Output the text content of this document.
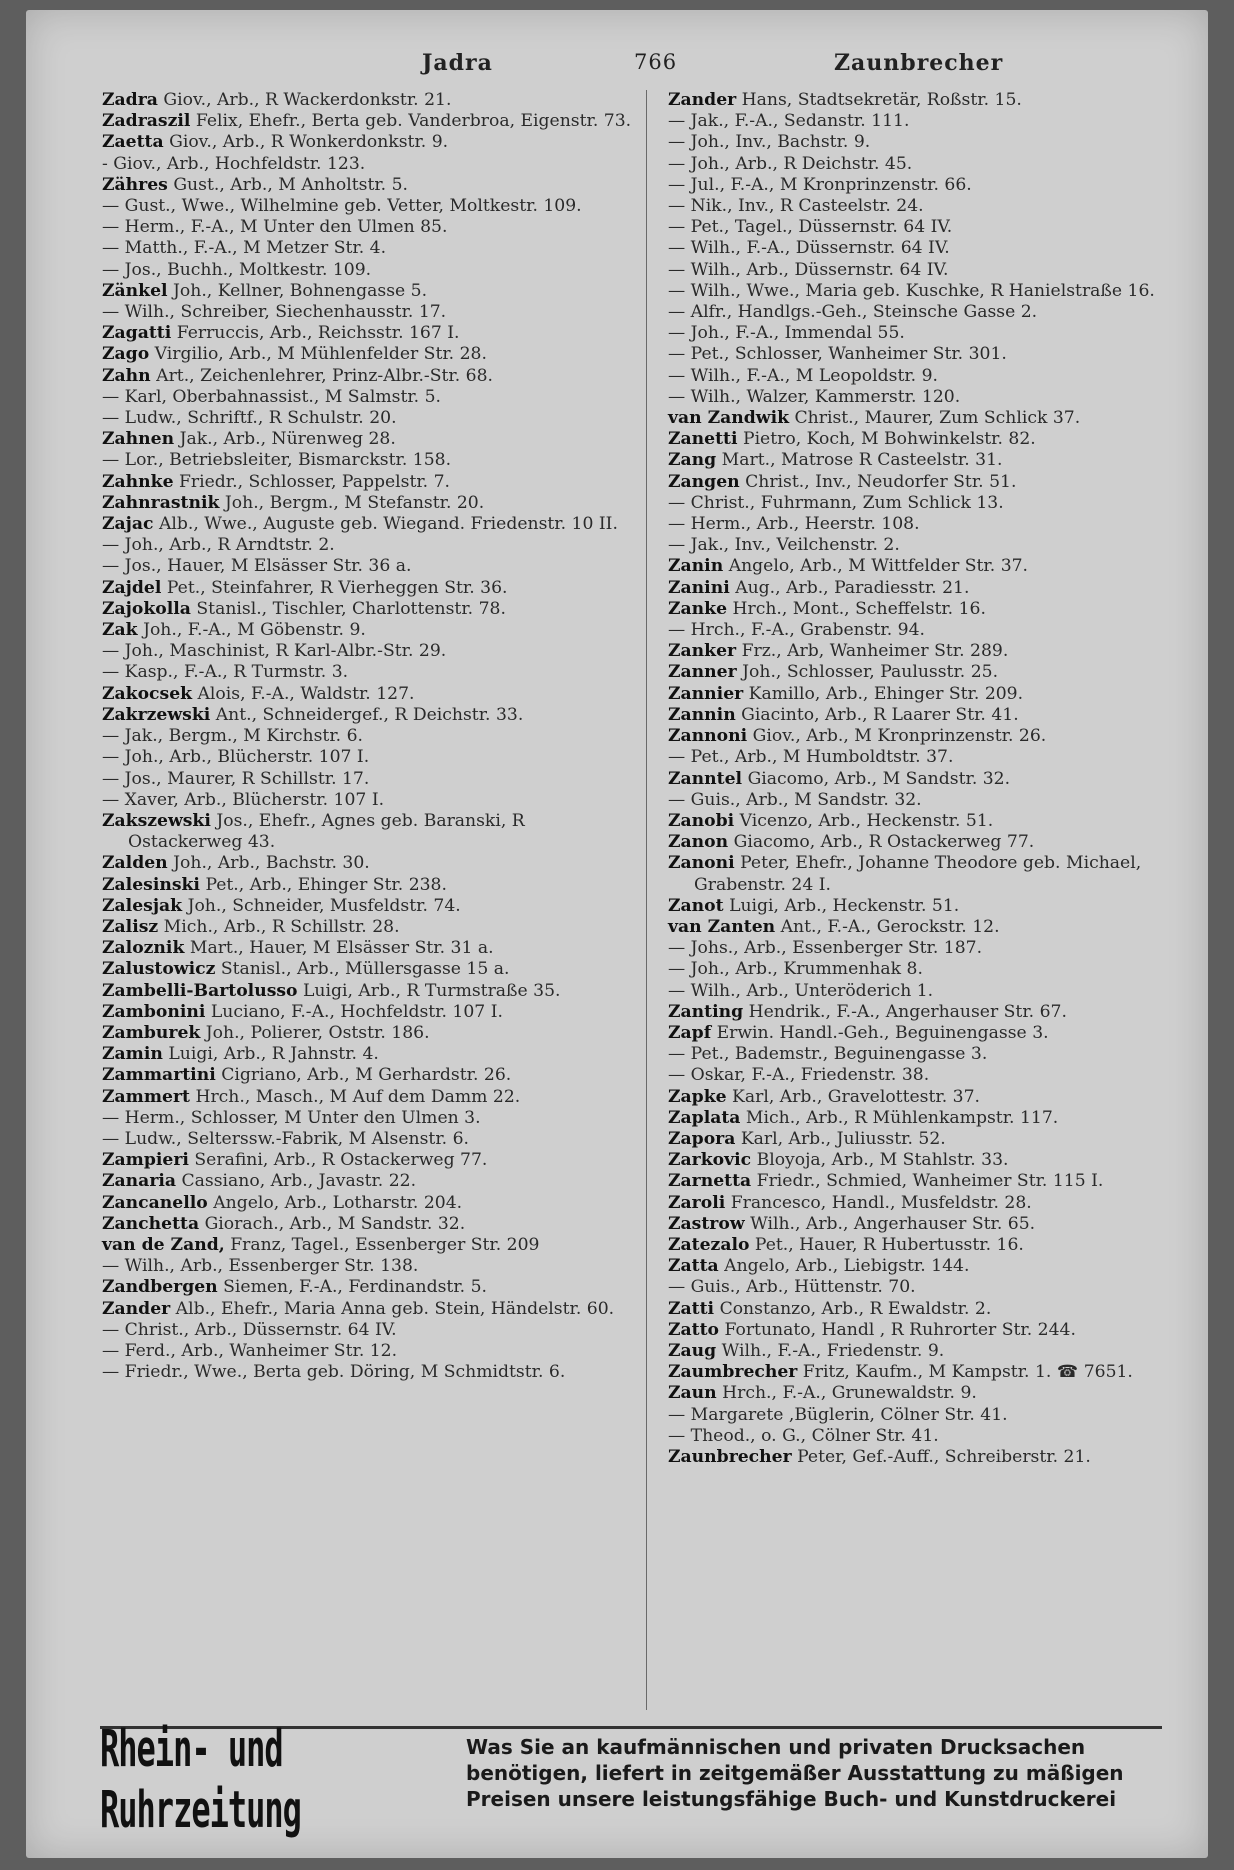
Jadra	766	Zaunbrecher

Zadra Giov., Arb., R Wackerdonkstr. 21.

Zadraszil Felix, Ehefr., Berta geb. Vanderbroa, Eigenstr. 73.

Zaetta Giov., Arb., R Wonkerdonkstr. 9.

- Giov., Arb., Hochfeldstr. 123.

Zähres Gust., Arb., M Anholtstr. 5.

— Gust., Wwe., Wilhelmine geb. Vetter, Moltkestr. 109.

— Herm., F.-A., M Unter den Ulmen 85.

— Matth., F.-A., M Metzer Str. 4.

— Jos., Buchh., Moltkestr. 109.

Zänkel Joh., Kellner, Bohnengasse 5.

— Wilh., Schreiber, Siechenhausstr. 17.

Zagatti Ferruccis, Arb., Reichsstr. 167 I.

Zago Virgilio, Arb., M Mühlenfelder Str. 28.

Zahn Art., Zeichenlehrer, Prinz-Albr.-Str. 68.

— Karl, Oberbahnassist., M Salmstr. 5.

— Ludw., Schriftf., R Schulstr. 20.

Zahnen Jak., Arb., Nürenweg 28.

— Lor., Betriebsleiter, Bismarckstr. 158.

Zahnke Friedr., Schlosser, Pappelstr. 7.

Zahnrastnik Joh., Bergm., M Stefanstr. 20.

Zajac Alb., Wwe., Auguste geb. Wiegand. Friedenstr. 10 II.

— Joh., Arb., R Arndtstr. 2.

— Jos., Hauer, M Elsässer Str. 36 a.

Zajdel Pet., Steinfahrer, R Vierheggen Str. 36.

Zajokolla Stanisl., Tischler, Charlottenstr. 78.

Zak Joh., F.-A., M Göbenstr. 9.

— Joh., Maschinist, R Karl-Albr.-Str. 29.

— Kasp., F.-A., R Turmstr. 3.

Zakocsek Alois, F.-A., Waldstr. 127.

Zakrzewski Ant., Schneidergef., R Deichstr. 33.

— Jak., Bergm., M Kirchstr. 6.

— Joh., Arb., Blücherstr. 107 I.

— Jos., Maurer, R Schillstr. 17.

— Xaver, Arb., Blücherstr. 107 I.

Zakszewski Jos., Ehefr., Agnes geb. Baranski, R Ostackerweg 43.

Zalden Joh., Arb., Bachstr. 30.

Zalesinski Pet., Arb., Ehinger Str. 238.

Zalesjak Joh., Schneider, Musfeldstr. 74.

Zalisz Mich., Arb., R Schillstr. 28.

Zaloznik Mart., Hauer, M Elsässer Str. 31 a.

Zalustowicz Stanisl., Arb., Müllersgasse 15 a.

Zambelli-Bartolusso Luigi, Arb., R Turmstraße 35.

Zambonini Luciano, F.-A., Hochfeldstr. 107 I.

Zamburek Joh., Polierer, Oststr. 186.

Zamin Luigi, Arb., R Jahnstr. 4.

Zammartini Cigriano, Arb., M Gerhardstr. 26.

Zammert Hrch., Masch., M Auf dem Damm 22.

— Herm., Schlosser, M Unter den Ulmen 3.

— Ludw., Selterssw.-Fabrik, M Alsenstr. 6.

Zampieri Serafini, Arb., R Ostackerweg 77.

Zanaria Cassiano, Arb., Javastr. 22.

Zancanello Angelo, Arb., Lotharstr. 204.

Zanchetta Giorach., Arb., M Sandstr. 32.

van de Zand, Franz, Tagel., Essenberger Str. 209

— Wilh., Arb., Essenberger Str. 138.

Zandbergen Siemen, F.-A., Ferdinandstr. 5.

Zander Alb., Ehefr., Maria Anna geb. Stein, Händelstr. 60.

— Christ., Arb., Düssernstr. 64 IV.

— Ferd., Arb., Wanheimer Str. 12.

— Friedr., Wwe., Berta geb. Döring, M Schmidtstr. 6.

Zander Hans, Stadtsekretär, Roßstr. 15.

— Jak., F.-A., Sedanstr. 111.

— Joh., Inv., Bachstr. 9.

— Joh., Arb., R Deichstr. 45.

— Jul., F.-A., M Kronprinzenstr. 66.

— Nik., Inv., R Casteelstr. 24.

— Pet., Tagel., Düssernstr. 64 IV.

— Wilh., F.-A., Düssernstr. 64 IV.

— Wilh., Arb., Düssernstr. 64 IV.

— Wilh., Wwe., Maria geb. Kuschke, R Hanielstraße 16.

— Alfr., Handlgs.-Geh., Steinsche Gasse 2.

— Joh., F.-A., Immendal 55.

— Pet., Schlosser, Wanheimer Str. 301.

— Wilh., F.-A., M Leopoldstr. 9.

— Wilh., Walzer, Kammerstr. 120.

van Zandwik Christ., Maurer, Zum Schlick 37.

Zanetti Pietro, Koch, M Bohwinkelstr. 82.

Zang Mart., Matrose R Casteelstr. 31.

Zangen Christ., Inv., Neudorfer Str. 51.

— Christ., Fuhrmann, Zum Schlick 13.

— Herm., Arb., Heerstr. 108.

— Jak., Inv., Veilchenstr. 2.

Zanin Angelo, Arb., M Wittfelder Str. 37.

Zanini Aug., Arb., Paradiesstr. 21.

Zanke Hrch., Mont., Scheffelstr. 16.

— Hrch., F.-A., Grabenstr. 94.

Zanker Frz., Arb, Wanheimer Str. 289.

Zanner Joh., Schlosser, Paulusstr. 25.

Zannier Kamillo, Arb., Ehinger Str. 209.

Zannin Giacinto, Arb., R Laarer Str. 41.

Zannoni Giov., Arb., M Kronprinzenstr. 26.

— Pet., Arb., M Humboldtstr. 37.

Zanntel Giacomo, Arb., M Sandstr. 32.

— Guis., Arb., M Sandstr. 32.

Zanobi Vicenzo, Arb., Heckenstr. 51.

Zanon Giacomo, Arb., R Ostackerweg 77.

Zanoni Peter, Ehefr., Johanne Theodore geb. Michael, Grabenstr. 24 I.

Zanot Luigi, Arb., Heckenstr. 51.

van Zanten Ant., F.-A., Gerockstr. 12.

— Johs., Arb., Essenberger Str. 187.

— Joh., Arb., Krummenhak 8.

— Wilh., Arb., Unteröderich 1.

Zanting Hendrik., F.-A., Angerhauser Str. 67.

Zapf Erwin. Handl.-Geh., Beguinengasse 3.

— Pet., Bademstr., Beguinengasse 3.

— Oskar, F.-A., Friedenstr. 38.

Zapke Karl, Arb., Gravelottestr. 37.

Zaplata Mich., Arb., R Mühlenkampstr. 117.

Zapora Karl, Arb., Juliusstr. 52.

Zarkovic Bloyoja, Arb., M Stahlstr. 33.

Zarnetta Friedr., Schmied, Wanheimer Str. 115 I.

Zaroli Francesco, Handl., Musfeldstr. 28.

Zastrow Wilh., Arb., Angerhauser Str. 65.

Zatezalo Pet., Hauer, R Hubertusstr. 16.

Zatta Angelo, Arb., Liebigstr. 144.

— Guis., Arb., Hüttenstr. 70.

Zatti Constanzo, Arb., R Ewaldstr. 2.

Zatto Fortunato, Handl , R Ruhrorter Str. 244.

Zaug Wilh., F.-A., Friedenstr. 9.

Zaumbrecher Fritz, Kaufm., M Kampstr. 1. ☎ 7651.

Zaun Hrch., F.-A., Grunewaldstr. 9.

— Margarete ,Büglerin, Cölner Str. 41.

— Theod., o. G., Cölner Str. 41.

Zaunbrecher Peter, Gef.-Auff., Schreiberstr. 21.

Rhein- und Ruhrzeitung
Was Sie an kaufmännischen und privaten Drucksachen
benötigen, liefert in zeitgemäßer Ausstattung zu mäßigen
Preisen unsere leistungsfähige Buch- und Kunstdruckerei
